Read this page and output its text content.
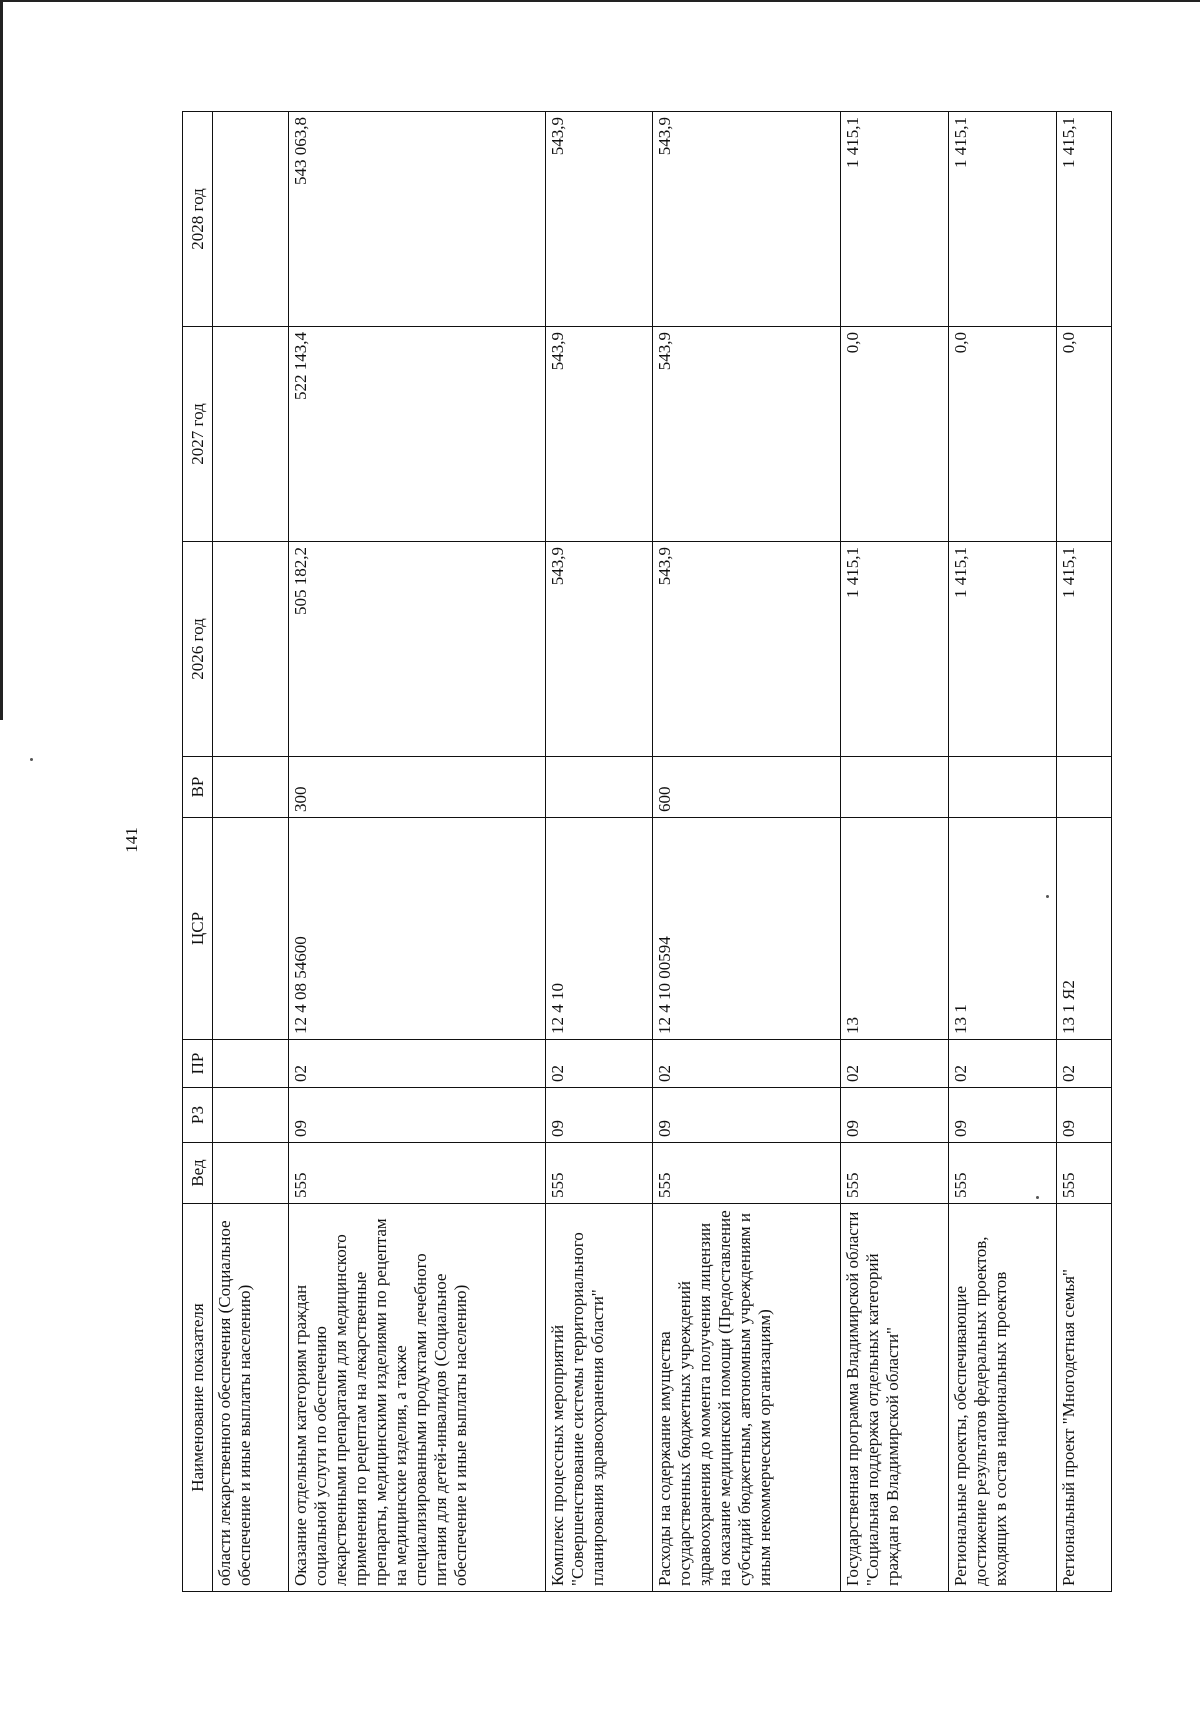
141
Наименование показателя	Вед	РЗ	ПР	ЦСР	ВР	2026 год	2027 год	2028 год
области лекарственного обеспечения (Социальное обеспечение и иные выплаты населению)								
Оказание отдельным категориям граждан социальной услуги по обеспечению лекарственными препаратами для медицинского применения по рецептам на лекарственные препараты, медицинскими изделиями по рецептам на медицинские изделия, а также специализированными продуктами лечебного питания для детей-инвалидов (Социальное обеспечение и иные выплаты населению)	555	09	02	12 4 08 54600	300	505 182,2	522 143,4	543 063,8
Комплекс процессных мероприятий "Совершенствование системы территориального планирования здравоохранения области"	555	09	02	12 4 10		543,9	543,9	543,9
Расходы на содержание имущества государственных бюджетных учреждений здравоохранения до момента получения лицензии на оказание медицинской помощи (Предоставление субсидий бюджетным, автономным учреждениям и иным некоммерческим организациям)	555	09	02	12 4 10 00594	600	543,9	543,9	543,9
Государственная программа Владимирской области "Социальная поддержка отдельных категорий граждан во Владимирской области"	555	09	02	13		1 415,1	0,0	1 415,1
Региональные проекты, обеспечивающие достижение результатов федеральных проектов, входящих в состав национальных проектов	555	09	02	13 1		1 415,1	0,0	1 415,1
Региональный проект "Многодетная семья"	555	09	02	13 1 Я2		1 415,1	0,0	1 415,1
